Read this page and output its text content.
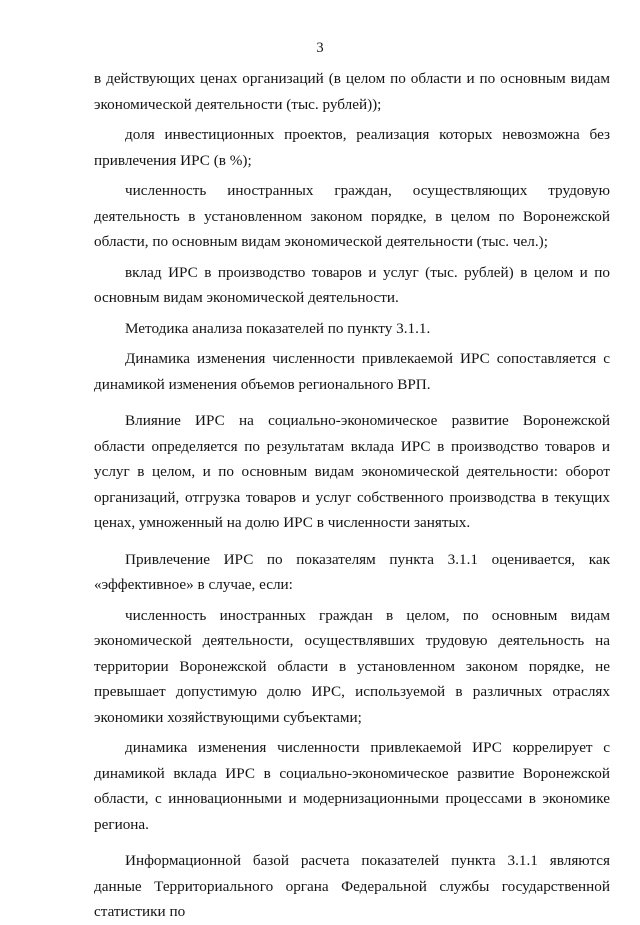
3

в действующих ценах организаций (в целом по области и по основным видам экономической деятельности (тыс. рублей));

доля инвестиционных проектов, реализация которых невозможна без привлечения ИРС (в %);

численность иностранных граждан, осуществляющих трудовую деятельность в установленном законом порядке, в целом по Воронежской области, по основным видам экономической деятельности (тыс. чел.);

вклад ИРС в производство товаров и услуг (тыс. рублей) в целом и по основным видам экономической деятельности.

Методика анализа показателей по пункту 3.1.1.

Динамика изменения численности привлекаемой ИРС сопоставляется с динамикой изменения объемов регионального ВРП.

Влияние ИРС на социально-экономическое развитие Воронежской области определяется по результатам вклада ИРС в производство товаров и услуг в целом, и по основным видам экономической деятельности: оборот организаций, отгрузка товаров и услуг собственного производства в текущих ценах, умноженный на долю ИРС в численности занятых.

Привлечение ИРС по показателям пункта 3.1.1 оценивается, как «эффективное» в случае, если:

численность иностранных граждан в целом, по основным видам экономической деятельности, осуществлявших трудовую деятельность на территории Воронежской области в установленном законом порядке, не превышает допустимую долю ИРС, используемой в различных отраслях экономики хозяйствующими субъектами;

динамика изменения численности привлекаемой ИРС коррелирует с динамикой вклада ИРС в социально-экономическое развитие Воронежской области, с инновационными и модернизационными процессами в экономике региона.

Информационной базой расчета показателей пункта 3.1.1 являются данные Территориального органа Федеральной службы государственной статистики по
